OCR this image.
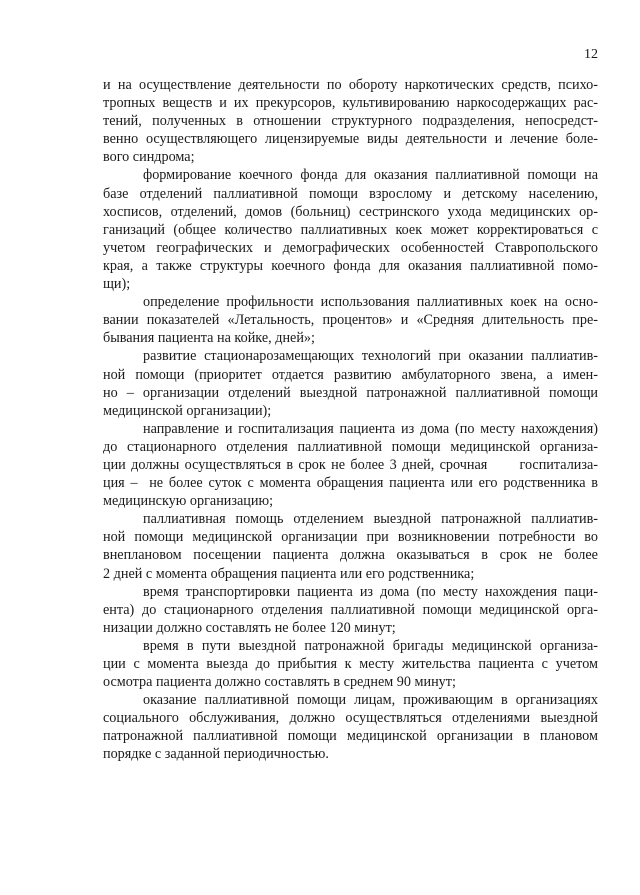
12
и на осуществление деятельности по обороту наркотических средств, психо-
тропных веществ и их прекурсоров, культивированию наркосодержащих рас-
тений, полученных в отношении структурного подразделения, непосредст-
венно осуществляющего лицензируемые виды деятельности и лечение боле-
вого синдрома;
формирование коечного фонда для оказания паллиативной помощи на
базе отделений паллиативной помощи взрослому и детскому населению,
хосписов, отделений, домов (больниц) сестринского ухода медицинских ор-
ганизаций (общее количество паллиативных коек может корректироваться с
учетом географических и демографических особенностей Ставропольского
края, а также структуры коечного фонда для оказания паллиативной помо-
щи);
определение профильности использования паллиативных коек на осно-
вании показателей «Летальность, процентов» и «Средняя длительность пре-
бывания пациента на койке, дней»;
развитие стационарозамещающих технологий при оказании паллиатив-
ной помощи (приоритет отдается развитию амбулаторного звена, а имен-
но – организации отделений выездной патронажной паллиативной помощи
медицинской организации);
направление и госпитализация пациента из дома (по месту нахождения)
до стационарного отделения паллиативной помощи медицинской организа-
ции должны осуществляться в срок не более 3 дней, срочная      госпитализа-
ция –  не более суток с момента обращения пациента или его родственника в
медицинскую организацию;
паллиативная помощь отделением выездной патронажной паллиатив-
ной помощи медицинской организации при возникновении потребности во
внеплановом посещении пациента должна оказываться в срок не более
2 дней с момента обращения пациента или его родственника;
время транспортировки пациента из дома (по месту нахождения паци-
ента) до стационарного отделения паллиативной помощи медицинской орга-
низации должно составлять не более 120 минут;
время в пути выездной патронажной бригады медицинской организа-
ции с момента выезда до прибытия к месту жительства пациента с учетом
осмотра пациента должно составлять в среднем 90 минут;
оказание паллиативной помощи лицам, проживающим в организациях
социального обслуживания, должно осуществляться отделениями выездной
патронажной паллиативной помощи медицинской организации в плановом
порядке с заданной периодичностью.
